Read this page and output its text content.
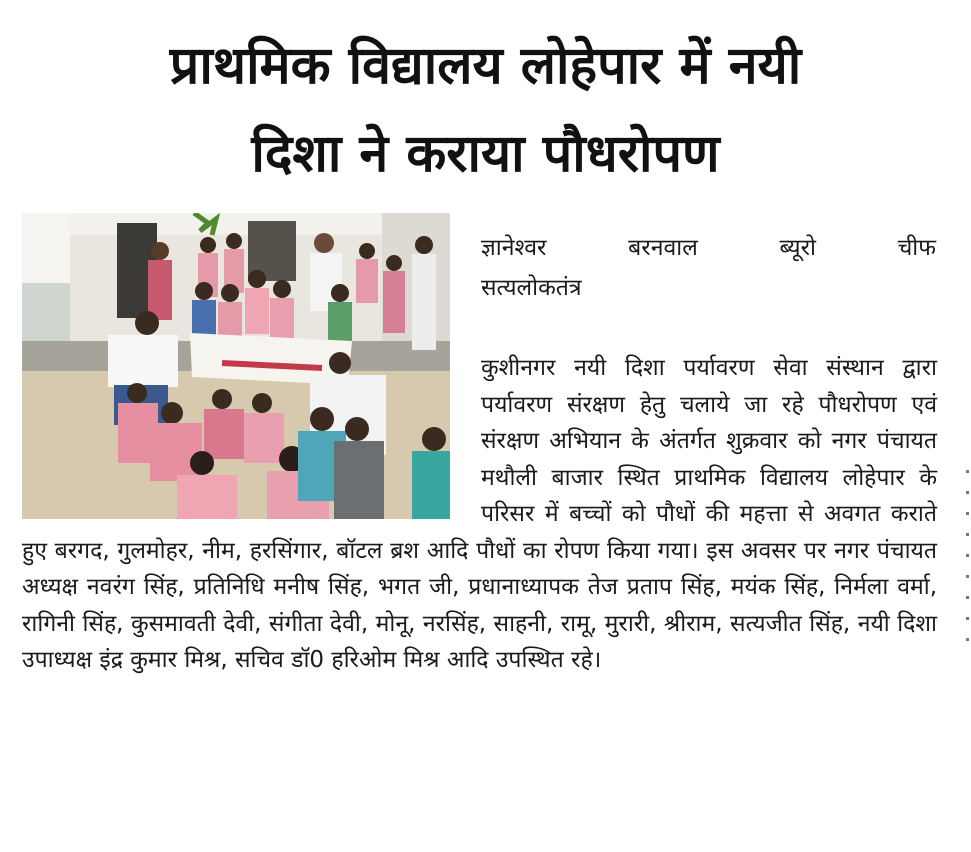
प्राथमिक विद्यालय लोहेपार में नयी
दिशा ने कराया पौधरोपण
ज्ञानेश्वर बरनवाल ब्यूरो चीफ
सत्यलोकतंत्र
कुशीनगर नयी दिशा पर्यावरण सेवा संस्थान द्वारा पर्यावरण संरक्षण हेतु चलाये जा रहे पौधरोपण एवं संरक्षण अभियान के अंतर्गत शुक्रवार को नगर पंचायत मथौली बाजार स्थित प्राथमिक विद्यालय लोहेपार के परिसर में बच्चों को पौधों की महत्ता से अवगत कराते हुए बरगद, गुलमोहर, नीम, हरसिंगार, बॉटल ब्रश आदि पौधों का रोपण किया गया। इस अवसर पर नगर पंचायत अध्यक्ष नवरंग सिंह, प्रतिनिधि मनीष सिंह, भगत जी, प्रधानाध्यापक तेज प्रताप सिंह, मयंक सिंह, निर्मला वर्मा, रागिनी सिंह, कुसमावती देवी, संगीता देवी, मोनू, नरसिंह, साहनी, रामू, मुरारी, श्रीराम, सत्यजीत सिंह, नयी दिशा उपाध्यक्ष इंद्र कुमार मिश्र, सचिव डॉ0 हरिओम मिश्र आदि उपस्थित रहे।
